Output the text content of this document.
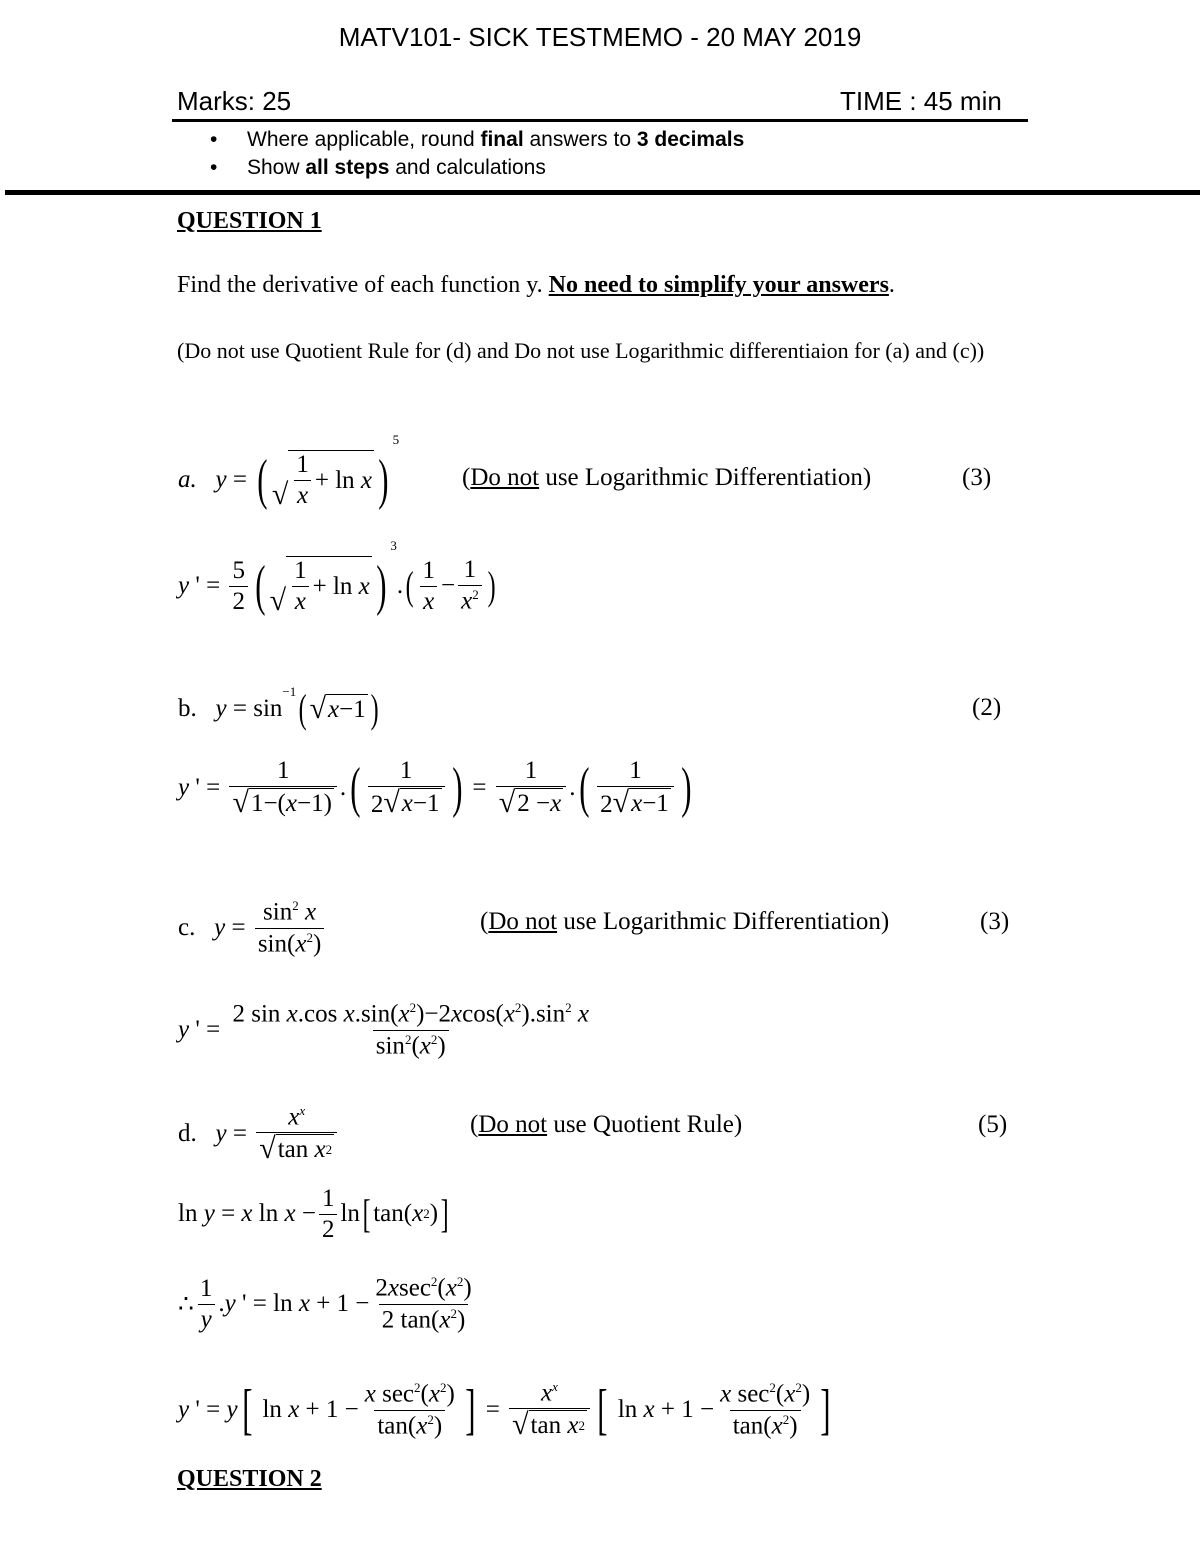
MATV101- SICK TESTMEMO - 20 MAY 2019
Marks: 25	TIME : 45 min
•	Where applicable, round final answers to 3 decimals
•	Show all steps and calculations
QUESTION 1
Find the derivative of each function y. No need to simplify your answers.
(Do not use Quotient Rule for (d) and Do not use Logarithmic differentiaion for (a) and (c))
a.
y = ( √ $\frac{1}{x} + \ln x$ )
5
(Do not use Logarithmic Differentiation)	(3)
y ' = $\frac{5}{2}$ ( √ $\frac{1}{x} + \ln x$ )
3
. ( $\frac{1}{x} - \frac{1}{x^2}$ )
b.
y = sin
$^{-1}$ ( √ x −1 )	(2)
y ' = $\frac{1}{√ 1-( x -1)}$ . ( $\frac{1}{2 √ x -1}$ ) = $\frac{1}{√ 2 - x}$ . ( $\frac{1}{2 √ x -1}$ )
c.
$y = \frac{\sin^2 x}{\sin(x^2)}$	(Do not use Logarithmic Differentiation)	(3)
y ' = $\frac{2 \sin x.\cos x.\sin(x^2)-2xcos(x^2).\sin^2 x}{\sin^2(x^2)}$
d.
$y = \frac{x^x}{\text{√ tan x 2}}$	(Do not use Quotient Rule)	(5)
ln y = x $\ln x - \frac{1}{2}$ ln [ tan( x 2 ) ]
∴ $\frac{1}{y}$ . y ' = $\ln x + 1 - \frac{2xsec^2(x^2)}{2 \tan(x^2)}$
y ' = y [ $\ln x + 1 - \frac{x \sec^2(x^2)}{\tan(x^2)}$ ] = $\frac{x^x}{\text{√ tan x 2}}$ [ $\ln x + 1 - \frac{x \sec^2(x^2)}{\tan(x^2)}$ ]
QUESTION 2
